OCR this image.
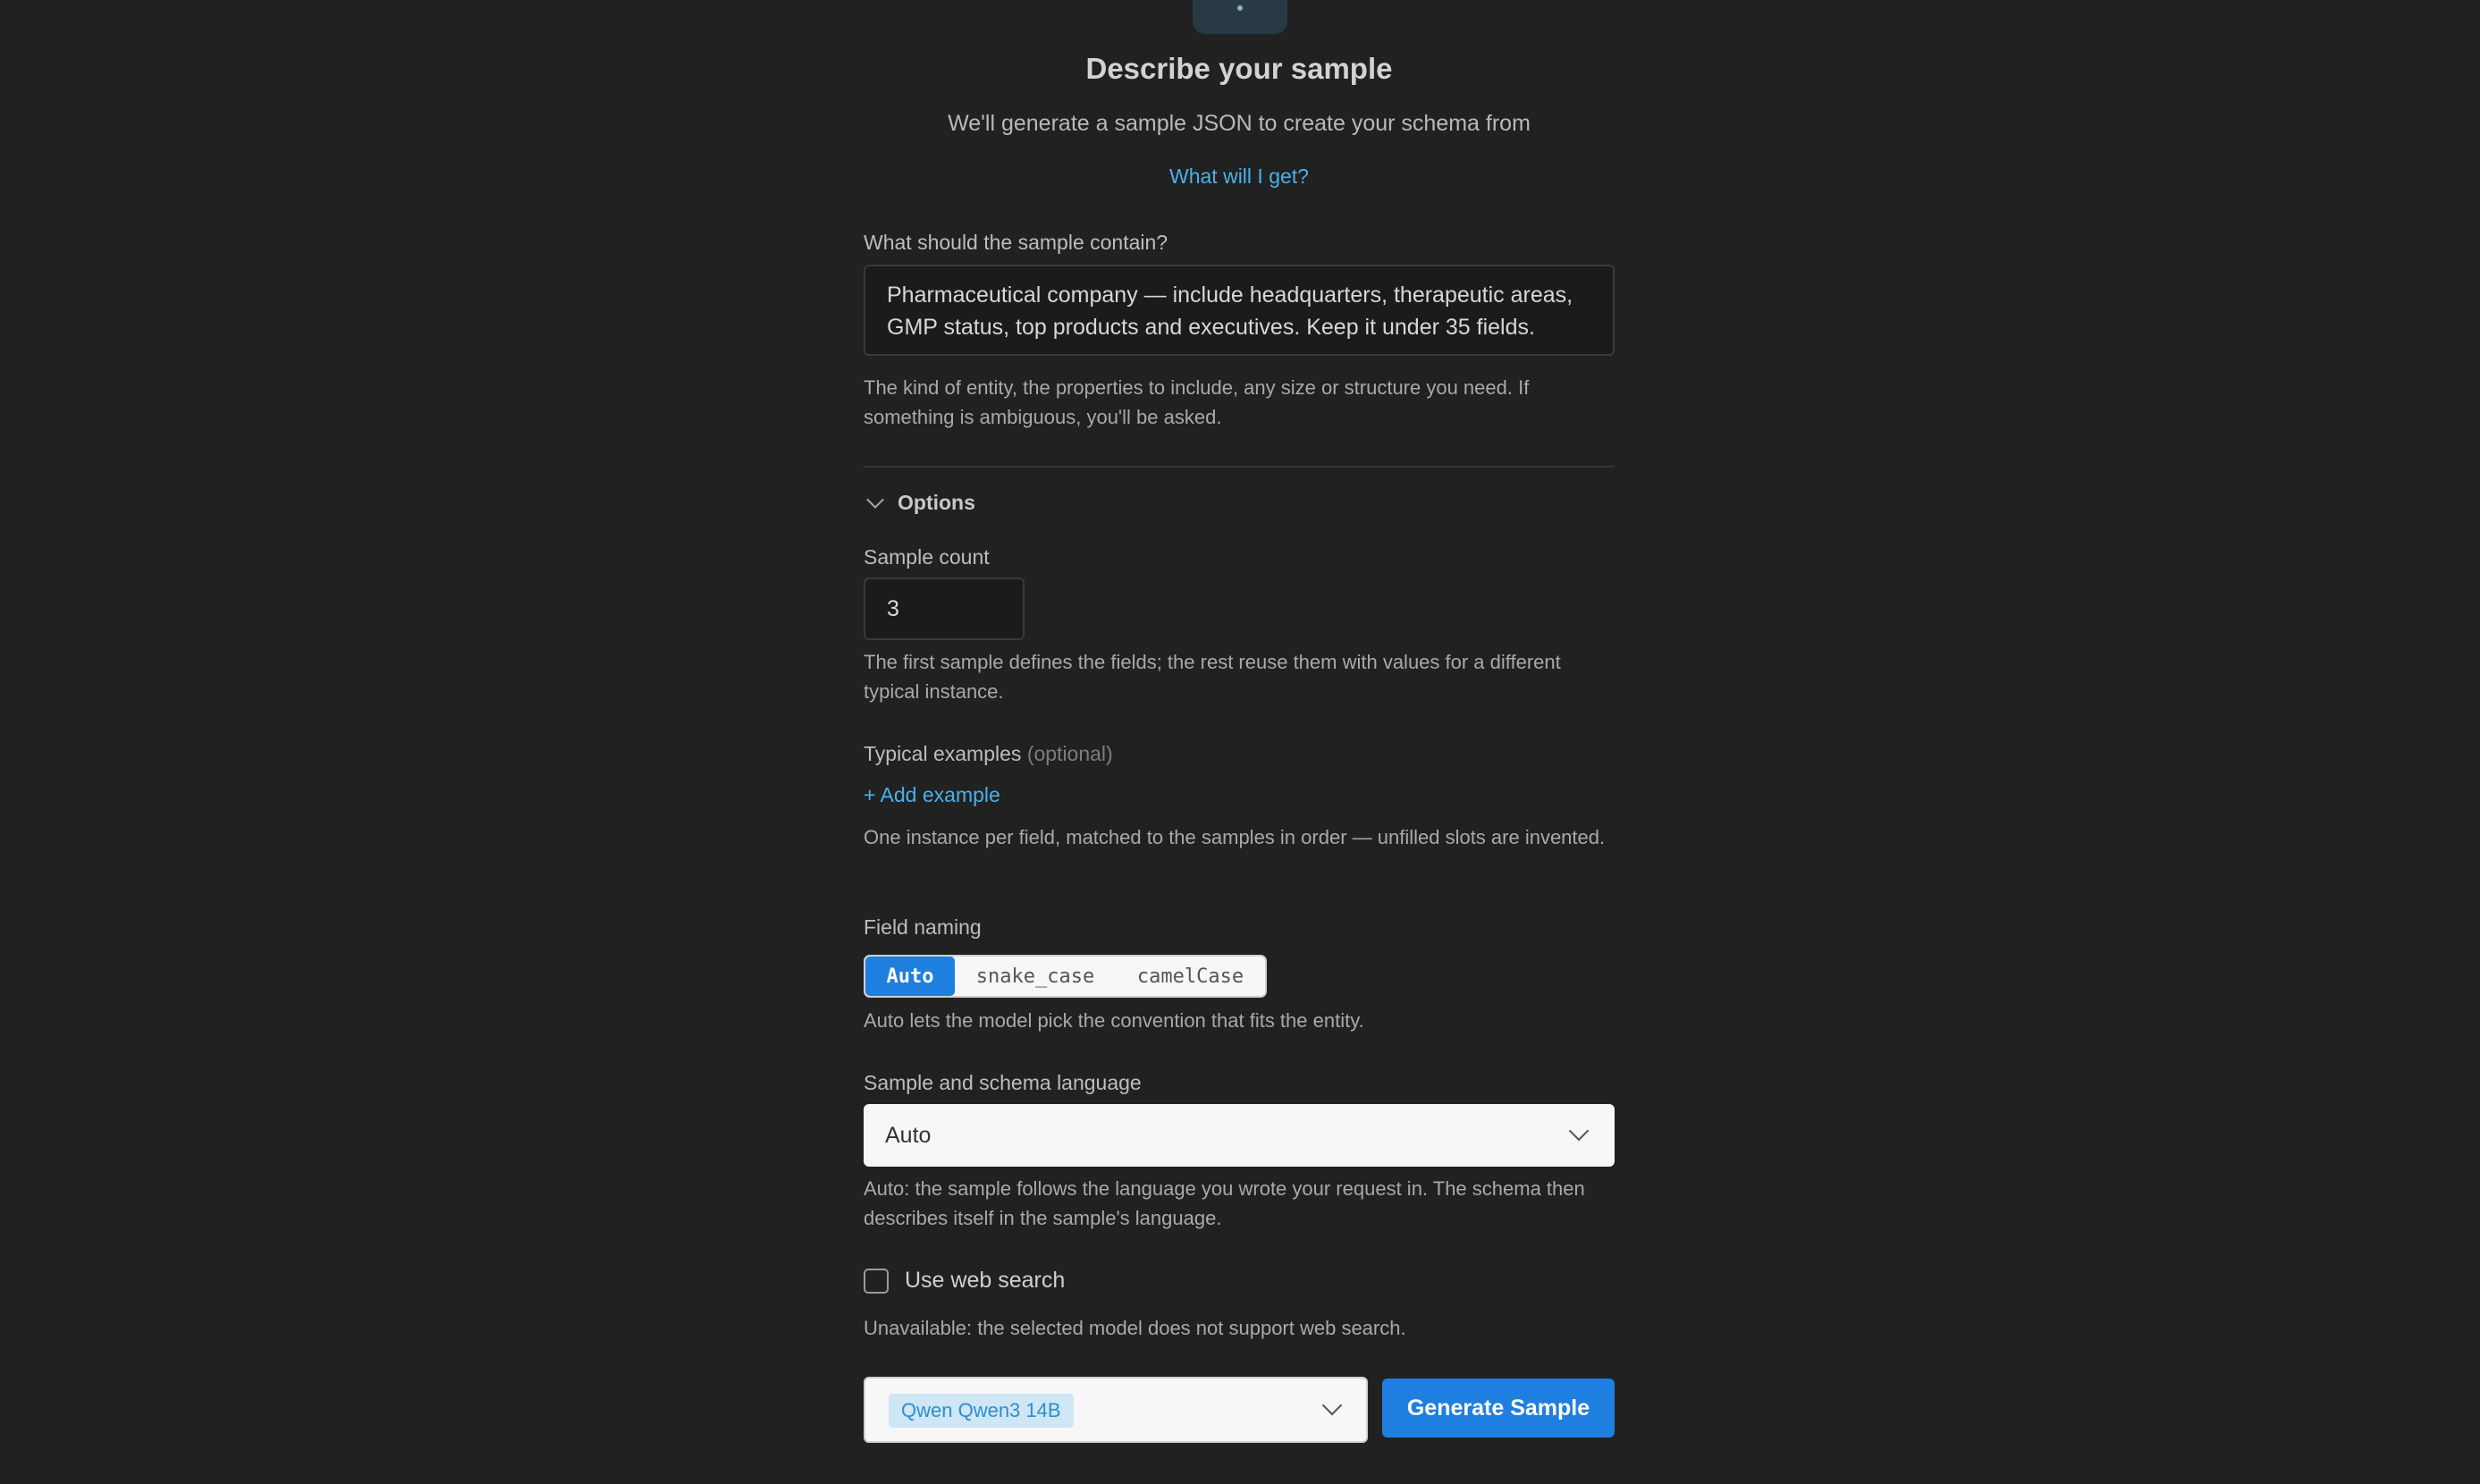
Describe your sample
We'll generate a sample JSON to create your schema from
What will I get?
What should the sample contain?
Pharmaceutical company — include headquarters, therapeutic areas, GMP status, top products and executives. Keep it under 35 fields.
The kind of entity, the properties to include, any size or structure you need. If something is ambiguous, you'll be asked.
Options
Sample count
3
The first sample defines the fields; the rest reuse them with values for a different typical instance.
Typical examples (optional)
+ Add example
One instance per field, matched to the samples in order — unfilled slots are invented.
Field naming
Auto	snake_case	camelCase
Auto lets the model pick the convention that fits the entity.
Sample and schema language
Auto
Auto: the sample follows the language you wrote your request in. The schema then describes itself in the sample's language.
Use web search
Unavailable: the selected model does not support web search.
Qwen Qwen3 14B	Generate Sample
